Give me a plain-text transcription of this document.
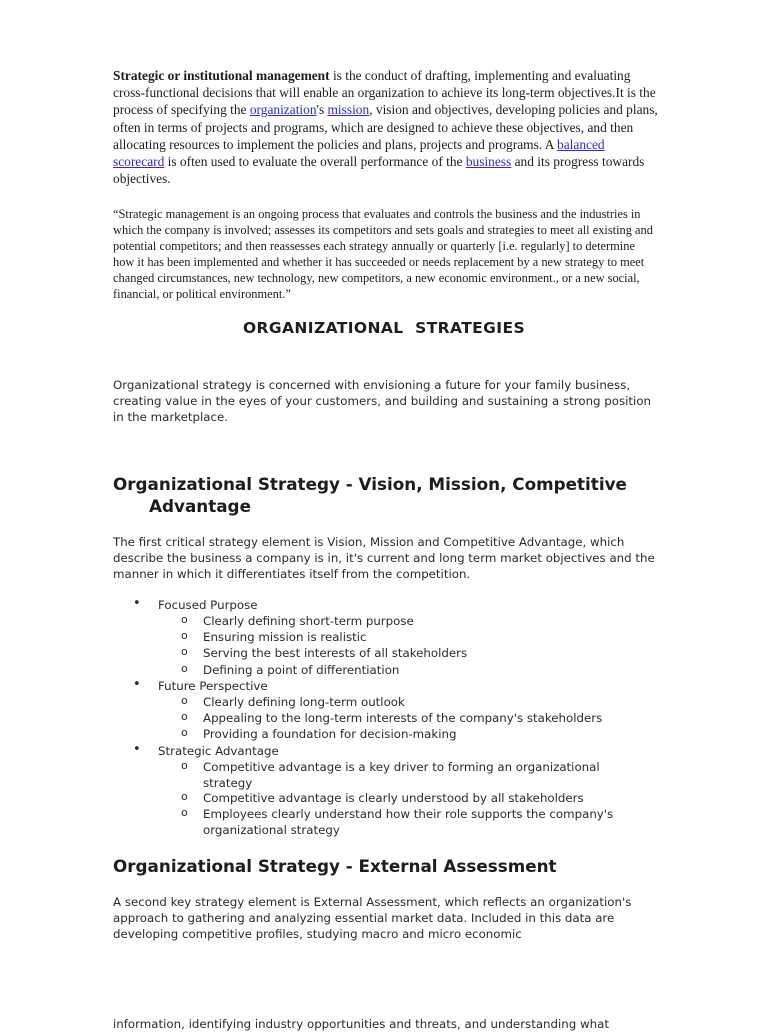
Strategic or institutional management is the conduct of drafting, implementing and evaluating cross-functional decisions that will enable an organization to achieve its long-term objectives.It is the process of specifying the organization's mission, vision and objectives, developing policies and plans, often in terms of projects and programs, which are designed to achieve these objectives, and then allocating resources to implement the policies and plans, projects and programs. A balanced scorecard is often used to evaluate the overall performance of the business and its progress towards objectives.
“Strategic management is an ongoing process that evaluates and controls the business and the industries in which the company is involved; assesses its competitors and sets goals and strategies to meet all existing and potential competitors; and then reassesses each strategy annually or quarterly [i.e. regularly] to determine how it has been implemented and whether it has succeeded or needs replacement by a new strategy to meet changed circumstances, new technology, new competitors, a new economic environment., or a new social, financial, or political environment.”
ORGANIZATIONAL  STRATEGIES
Organizational strategy is concerned with envisioning a future for your family business, creating value in the eyes of your customers, and building and sustaining a strong position in the marketplace.
Organizational Strategy - Vision, Mission, Competitive
Advantage
The first critical strategy element is Vision, Mission and Competitive Advantage, which describe the business a company is in, it's current and long term market objectives and the manner in which it differentiates itself from the competition.
• Focused Purpose
o Clearly defining short-term purpose
o Ensuring mission is realistic
o Serving the best interests of all stakeholders
o Defining a point of differentiation
• Future Perspective
o Clearly defining long-term outlook
o Appealing to the long-term interests of the company's stakeholders
o Providing a foundation for decision-making
• Strategic Advantage
o Competitive advantage is a key driver to forming an organizational strategy
o Competitive advantage is clearly understood by all stakeholders
o Employees clearly understand how their role supports the company's organizational strategy
Organizational Strategy - External Assessment
A second key strategy element is External Assessment, which reflects an organization's approach to gathering and analyzing essential market data. Included in this data are developing competitive profiles, studying macro and micro economic
information, identifying industry opportunities and threats, and understanding what
